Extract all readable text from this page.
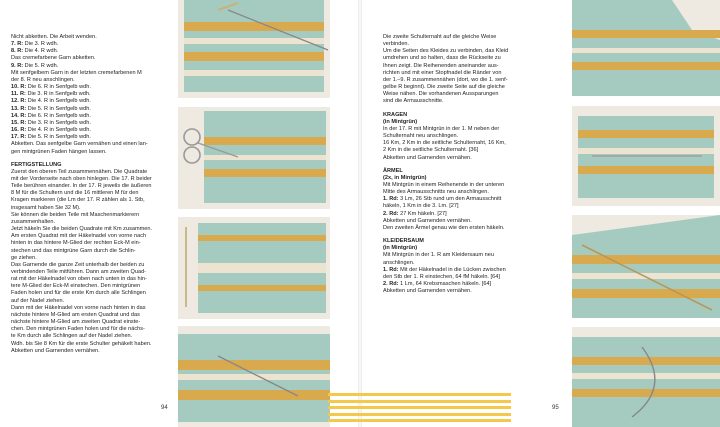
Nicht abketten. Die Arbeit wenden.

7. R: Die 3. R wdh.

8. R: Die 4. R wdh.

Das cremefarbene Garn abketten.

9. R: Die 5. R wdh.

Mit senfgelbem Garn in der letzten cremefarbenen M

der 8. R neu anschlingen.

10. R: Die 6. R in Senfgelb wdh.

11. R: Die 3. R in Senfgelb wdh.

12. R: Die 4. R in Senfgelb wdh.

13. R: Die 5. R in Senfgelb wdh.

14. R: Die 6. R in Senfgelb wdh.

15. R: Die 3. R in Senfgelb wdh.

16. R: Die 4. R in Senfgelb wdh.

17. R: Die 5. R in Senfgelb wdh.

Abketten. Das senfgelbe Garn vernähen und einen lan-

gen mintgrünen Faden hängen lassen.

FERTIGSTELLUNG

Zuerst den oberen Teil zusammennähen. Die Quadrate

mit der Vorderseite nach oben hinlegen. Die 17. R beider

Teile berühren einander. In der 17. R jeweils die äußeren

8 M für die Schultern und die 16 mittleren M für den

Kragen markieren (die Lm der 17. R zählen als 1. Stb,

insgesamt haben Sie 32 M).

Sie können die beiden Teile mit Maschenmarkierern

zusammenhalten.

Jetzt häkeln Sie die beiden Quadrate mit Km zusammen.

Am ersten Quadrat mit der Häkelnadel von vorne nach

hinten in das hintere M-Glied der rechten Eck-M ein-

stechen und das mintgrüne Garn durch die Schlin-

ge ziehen.

Das Garnende die ganze Zeit unterhalb der beiden zu

verbindenden Teile mitführen. Dann am zweiten Quad-

rat mit der Häkelnadel von oben nach unten in das hin-

tere M-Glied der Eck-M einstechen. Den mintgrünen

Faden holen und für die erste Km durch alle Schlingen

auf der Nadel ziehen.

Dann mit der Häkelnadel von vorne nach hinten in das

nächste hintere M-Glied am ersten Quadrat und das

nächste hintere M-Glied am zweiten Quadrat einste-

chen. Den mintgrünen Faden holen und für die nächs-

te Km durch alle Schlingen auf der Nadel ziehen.

Wdh. bis Sie 8 Km für die erste Schulter gehäkelt haben.

Abketten und Garnenden vernähen.

94

Die zweite Schulternaht auf die gleiche Weise

verbinden.

Um die Seiten des Kleides zu verbinden, das Kleid

umdrehen und so halten, dass die Rückseite zu

Ihnen zeigt. Die Reihenenden aneinander aus-

richten und mit einer Stopfnadel die Ränder von

der 1.–9. R zusammennähen (dort, wo die 1. senf-

gelbe R beginnt). Die zweite Seite auf die gleiche

Weise nähen. Die vorhandenen Aussparungen

sind die Armausschnitte.

KRAGEN

(in Mintgrün)

In der 17. R mit Mintgrün in der 1. M neben der

Schulternaht neu anschlingen.

16 Km, 2 Km in die seitliche Schulternaht, 16 Km,

2 Km in die seitliche Schulternaht. [36]

Abketten und Garnenden vernähen.

ÄRMEL

(2x, in Mintgrün)

Mit Mintgrün in einem Reihenende in der unteren

Mitte des Armausschnitts neu anschlingen.

1. Rd: 3 Lm, 26 Stb rund um den Armausschnitt

häkeln, 1 Km in die 3. Lm. [27]

2. Rd: 27 Km häkeln. [27]

Abketten und Garnenden vernähen.

Den zweiten Ärmel genau wie den ersten häkeln.

KLEIDERSAUM

(in Mintgrün)

Mit Mintgrün in der 1. R am Kleidersaum neu

anschlingen.

1. Rd: Mit der Häkelnadel in die Lücken zwischen

den Stb der 1. R einstechen, 64 fM häkeln. [64]

2. Rd: 1 Lm, 64 Krebsmaschen häkeln. [64]

Abketten und Garnenden vernähen.

95
